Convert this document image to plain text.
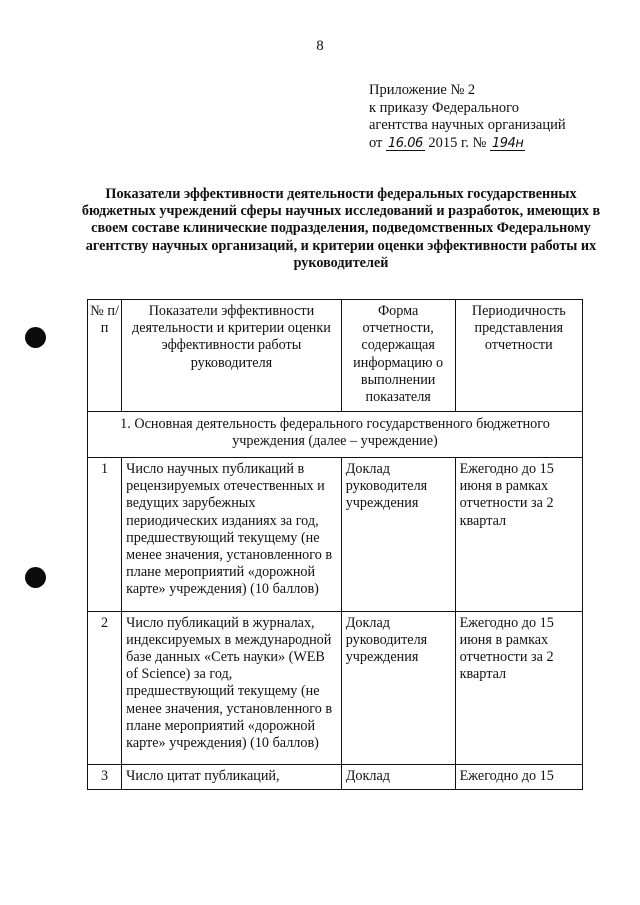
8
Приложение № 2
к приказу Федерального
агентства научных организаций
от 16.06 2015 г. № 194н
Показатели эффективности деятельности федеральных государственных бюджетных учреждений сферы научных исследований и разработок, имеющих в своем составе клинические подразделения, подведомственных Федеральному агентству научных организаций, и критерии оценки эффективности работы их руководителей
№ п/п	Показатели эффективности деятельности и критерии оценки эффективности работы руководителя	Форма отчетности, содержащая информацию о выполнении показателя	Периодичность представления отчетности
1. Основная деятельность федерального государственного бюджетного учреждения (далее – учреждение)			
1	Число научных публикаций в рецензируемых отечественных и ведущих зарубежных периодических изданиях за год, предшествующий текущему (не менее значения, установленного в плане мероприятий «дорожной карте» учреждения) (10 баллов)	Доклад руководителя учреждения	Ежегодно до 15 июня в рамках отчетности за 2 квартал
2	Число публикаций в журналах, индексируемых в международной базе данных «Сеть науки» (WEB of Science) за год, предшествующий текущему (не менее значения, установленного в плане мероприятий «дорожной карте» учреждения) (10 баллов)	Доклад руководителя учреждения	Ежегодно до 15 июня в рамках отчетности за 2 квартал
3	Число цитат публикаций,	Доклад	Ежегодно до 15
